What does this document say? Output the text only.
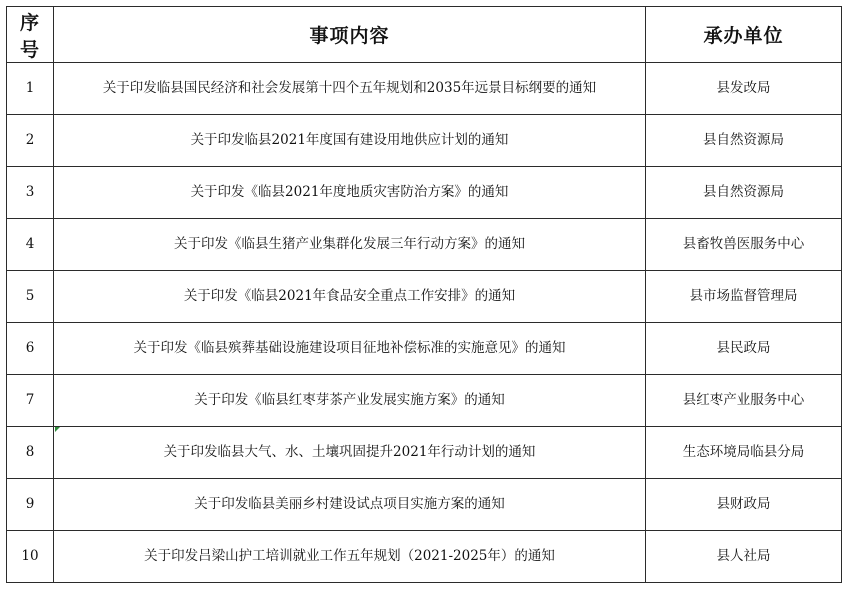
序号	事项内容	承办单位
1	关于印发临县国民经济和社会发展第十四个五年规划和2035年远景目标纲要的通知	县发改局
2	关于印发临县2021年度国有建设用地供应计划的通知	县自然资源局
3	关于印发《临县2021年度地质灾害防治方案》的通知	县自然资源局
4	关于印发《临县生猪产业集群化发展三年行动方案》的通知	县畜牧兽医服务中心
5	关于印发《临县2021年食品安全重点工作安排》的通知	县市场监督管理局
6	关于印发《临县殡葬基础设施建设项目征地补偿标准的实施意见》的通知	县民政局
7	关于印发《临县红枣芽茶产业发展实施方案》的通知	县红枣产业服务中心
8	关于印发临县大气、水、土壤巩固提升2021年行动计划的通知	生态环境局临县分局
9	关于印发临县美丽乡村建设试点项目实施方案的通知	县财政局
10	关于印发吕梁山护工培训就业工作五年规划（2021-2025年）的通知	县人社局
